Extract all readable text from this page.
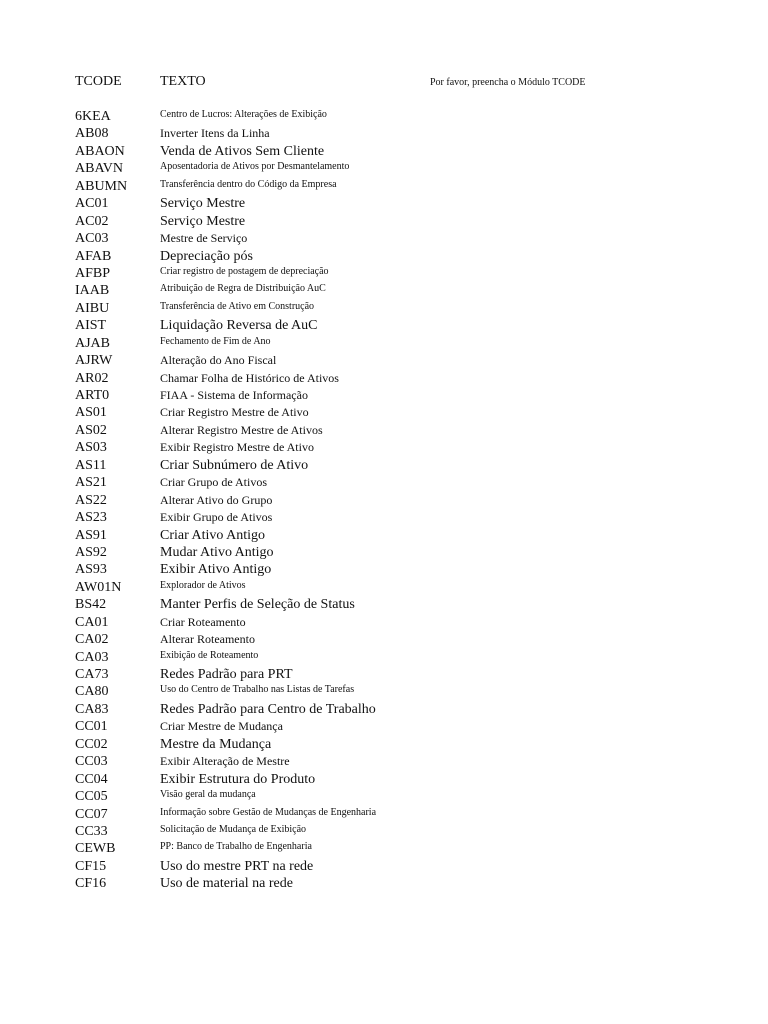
TCODE	TEXTO	Por favor, preencha o Módulo TCODE
6KEA	Centro de Lucros: Alterações de Exibição
AB08	Inverter Itens da Linha
ABAON	Venda de Ativos Sem Cliente
ABAVN	Aposentadoria de Ativos por Desmantelamento
ABUMN	Transferência dentro do Código da Empresa
AC01	Serviço Mestre
AC02	Serviço Mestre
AC03	Mestre de Serviço
AFAB	Depreciação pós
AFBP	Criar registro de postagem de depreciação
IAAB	Atribuição de Regra de Distribuição AuC
AIBU	Transferência de Ativo em Construção
AIST	Liquidação Reversa de AuC
AJAB	Fechamento de Fim de Ano
AJRW	Alteração do Ano Fiscal
AR02	Chamar Folha de Histórico de Ativos
ART0	FIAA - Sistema de Informação
AS01	Criar Registro Mestre de Ativo
AS02	Alterar Registro Mestre de Ativos
AS03	Exibir Registro Mestre de Ativo
AS11	Criar Subnúmero de Ativo
AS21	Criar Grupo de Ativos
AS22	Alterar Ativo do Grupo
AS23	Exibir Grupo de Ativos
AS91	Criar Ativo Antigo
AS92	Mudar Ativo Antigo
AS93	Exibir Ativo Antigo
AW01N	Explorador de Ativos
BS42	Manter Perfis de Seleção de Status
CA01	Criar Roteamento
CA02	Alterar Roteamento
CA03	Exibição de Roteamento
CA73	Redes Padrão para PRT
CA80	Uso do Centro de Trabalho nas Listas de Tarefas
CA83	Redes Padrão para Centro de Trabalho
CC01	Criar Mestre de Mudança
CC02	Mestre da Mudança
CC03	Exibir Alteração de Mestre
CC04	Exibir Estrutura do Produto
CC05	Visão geral da mudança
CC07	Informação sobre Gestão de Mudanças de Engenharia
CC33	Solicitação de Mudança de Exibição
CEWB	PP: Banco de Trabalho de Engenharia
CF15	Uso do mestre PRT na rede
CF16	Uso de material na rede
